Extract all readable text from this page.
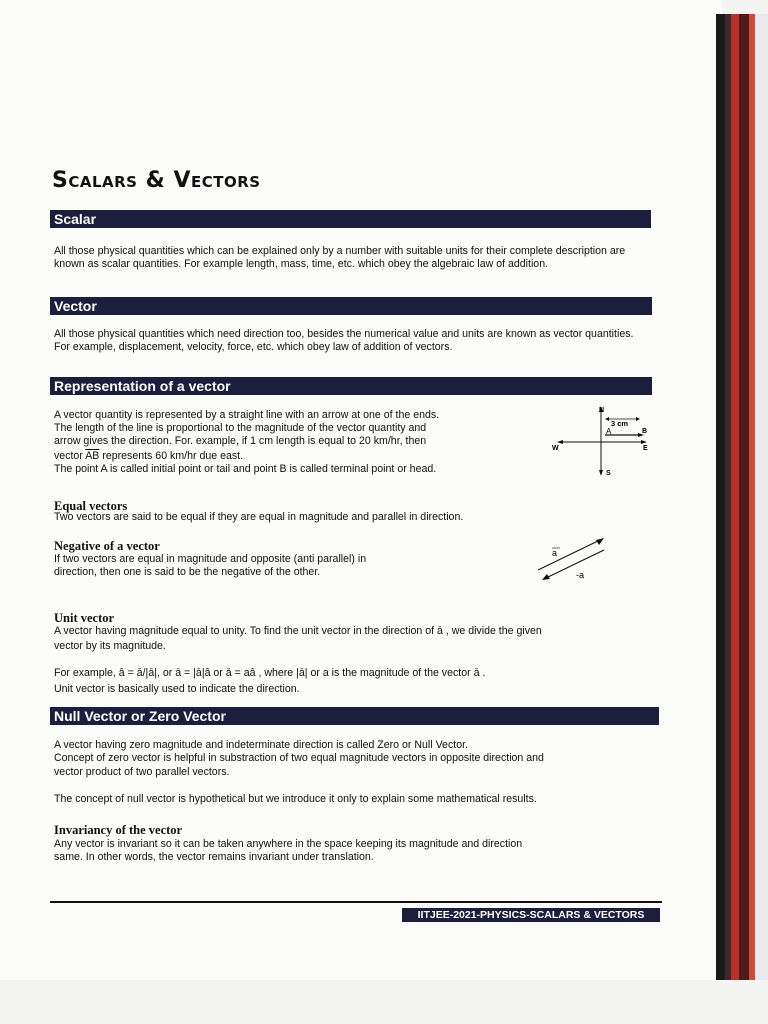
Scalars & Vectors
Scalar

All those physical quantities which can be explained only by a number with suitable units for their complete description are known as scalar quantities. For example length, mass, time, etc. which obey the algebraic law of addition.

Vector

All those physical quantities which need direction too, besides the numerical value and units are known as vector quantities. For example, displacement, velocity, force, etc. which obey law of addition of vectors.

Representation of a vector

A vector quantity is represented by a straight line with an arrow at one of the ends.

The length of the line is proportional to the magnitude of the vector quantity and

arrow gives the direction. For. example, if 1 cm length is equal to 20 km/hr, then

vector $\overline{AB}$ represents 60 km/hr due east.

The point A is called initial point or tail and point B is called terminal point or head.

N
S
E
W
A	B
3 cm
Equal vectors

Two vectors are said to be equal if they are equal in magnitude and parallel in direction.

Negative of a vector

If two vectors are equal in magnitude and opposite (anti parallel) in

direction, then one is said to be the negative of the other.

a
-a
Unit vector

A vector having magnitude equal to unity. To find the unit vector in the direction of ā , we divide the given

vector by its magnitude.

For example, â = ā/|ā|, or ā = |ā|â or ā = aâ , where |ā| or a is the magnitude of the vector ā .

Unit vector is basically used to indicate the direction.

Null Vector or Zero Vector

A vector having zero magnitude and indeterminate direction is called Zero or Null Vector.

Concept of zero vector is helpful in substraction of two equal magnitude vectors in opposite direction and

vector product of two parallel vectors.

The concept of null vector is hypothetical but we introduce it only to explain some mathematical results.

Invariancy of the vector

Any vector is invariant so it can be taken anywhere in the space keeping its magnitude and direction

same. In other words, the vector remains invariant under translation.

IITJEE-2021-PHYSICS-SCALARS & VECTORS
